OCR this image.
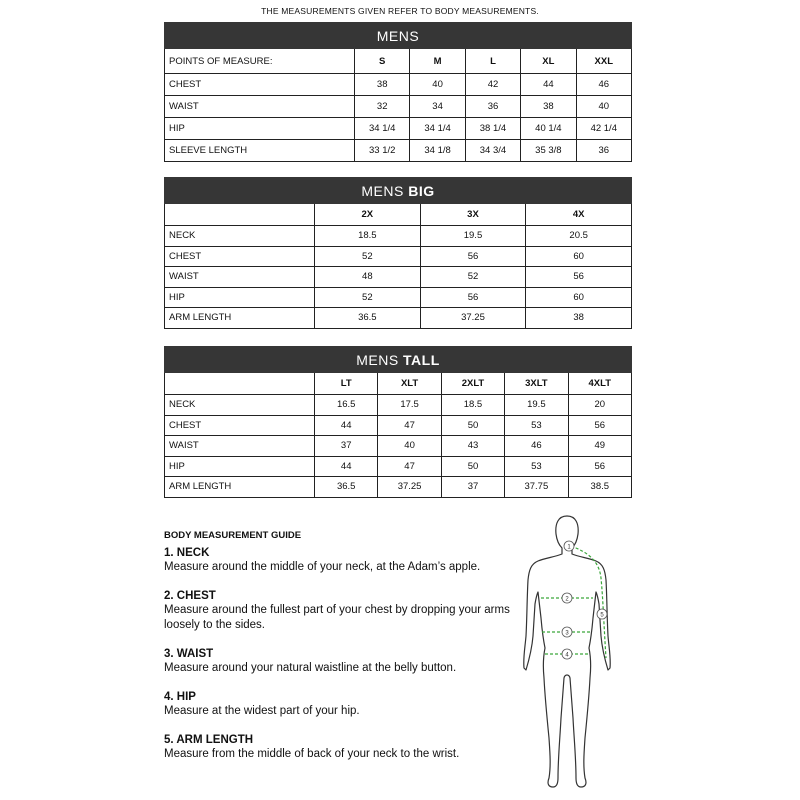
THE MEASUREMENTS GIVEN REFER TO BODY MEASUREMENTS.
MENS					
POINTS OF MEASURE:	S	M	L	XL	XXL
CHEST	38	40	42	44	46
WAIST	32	34	36	38	40
HIP	34 1/4	34 1/4	38 1/4	40 1/4	42 1/4
SLEEVE LENGTH	33 1/2	34 1/8	34 3/4	35 3/8	36
MENS BIG			
	2X	3X	4X
NECK	18.5	19.5	20.5
CHEST	52	56	60
WAIST	48	52	56
HIP	52	56	60
ARM LENGTH	36.5	37.25	38
MENS TALL					
	LT	XLT	2XLT	3XLT	4XLT
NECK	16.5	17.5	18.5	19.5	20
CHEST	44	47	50	53	56
WAIST	37	40	43	46	49
HIP	44	47	50	53	56
ARM LENGTH	36.5	37.25	37	37.75	38.5
BODY MEASUREMENT GUIDE
1. NECK
Measure around the middle of your neck, at the Adam’s apple.
2. CHEST
Measure around the fullest part of your chest by dropping your arms loosely to the sides.
3. WAIST
Measure around your natural waistline at the belly button.
4. HIP
Measure at the widest part of your hip.
5. ARM LENGTH
Measure from the middle of back of your neck to the wrist.
1
2
3
4
5
